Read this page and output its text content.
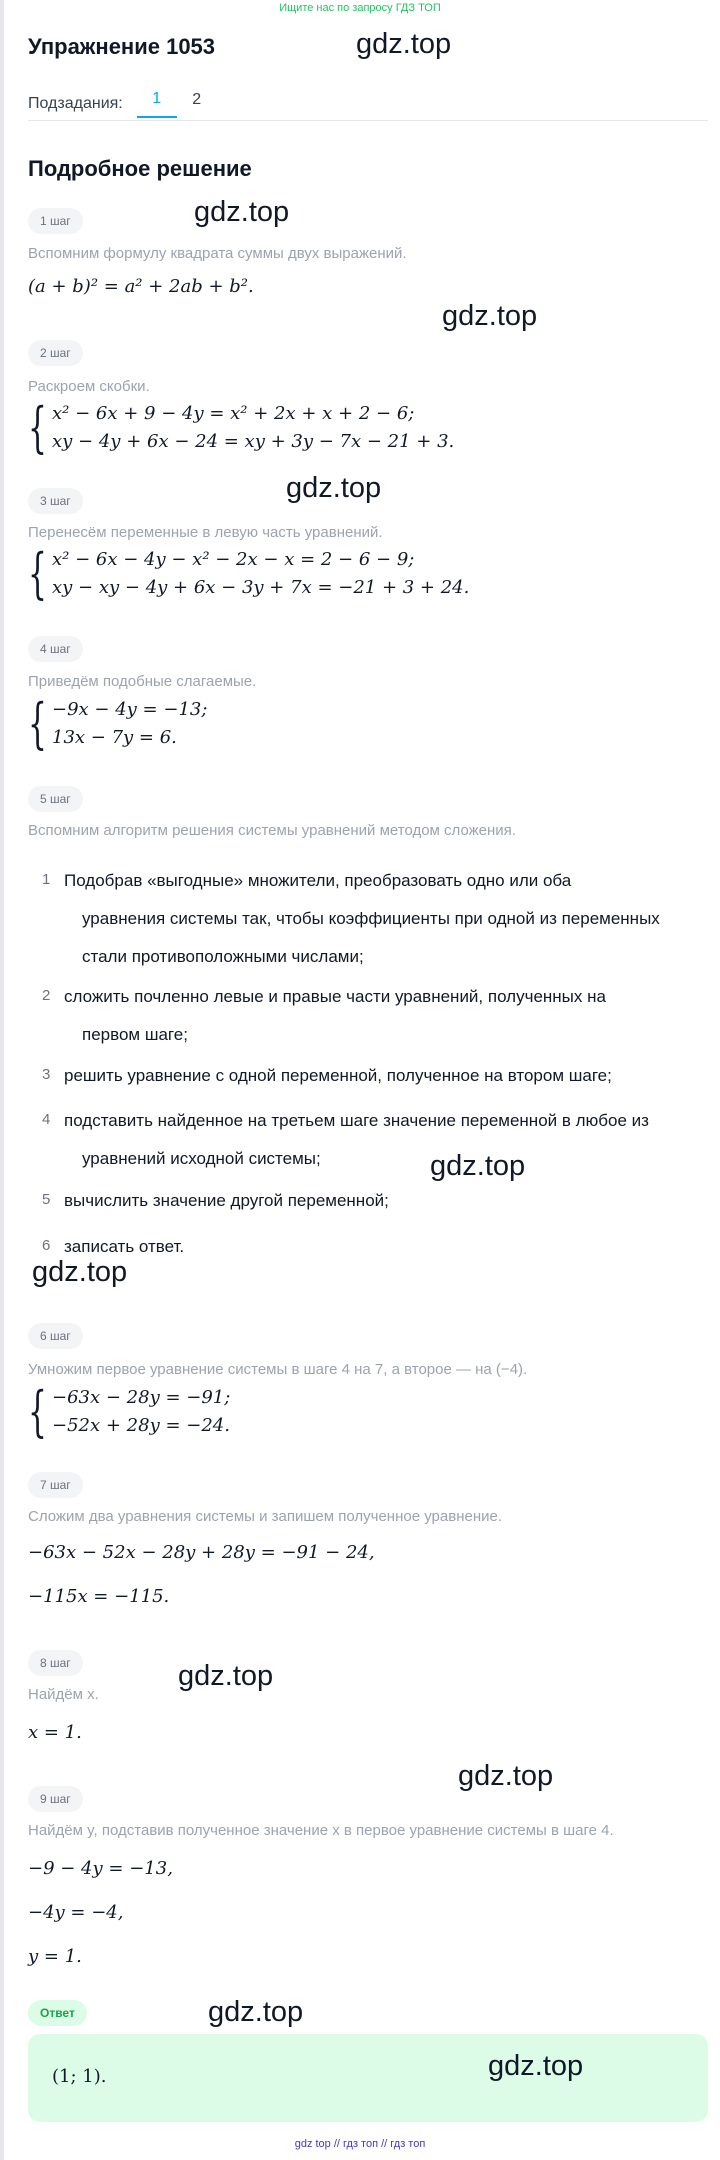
Ищите нас по запросу ГДЗ ТОП
Упражнение 1053	gdz.top
Подзадания:	1	2
Подробное решение
1 шаг	gdz.top
Вспомним формулу квадрата суммы двух выражений.
(a + b)² = a² + 2ab + b².
gdz.top
2 шаг
Раскроем скобки.
{ x² − 6x + 9 − 4y = x² + 2x + x + 2 − 6;
xy − 4y + 6x − 24 = xy + 3y − 7x − 21 + 3.
3 шаг	gdz.top
Перенесём переменные в левую часть уравнений.
{ x² − 6x − 4y − x² − 2x − x = 2 − 6 − 9;
xy − xy − 4y + 6x − 3y + 7x = −21 + 3 + 24.
4 шаг
Приведём подобные слагаемые.
{ −9x − 4y = −13;
13x − 7y = 6.
5 шаг
Вспомним алгоритм решения системы уравнений методом сложения.
1 Подобрав «выгодные» множители, преобразовать одно или оба
уравнения системы так, чтобы коэффициенты при одной из переменных
стали противоположными числами;
2 сложить почленно левые и правые части уравнений, полученных на
первом шаге;
3 решить уравнение с одной переменной, полученное на втором шаге;
4 подставить найденное на третьем шаге значение переменной в любое из
уравнений исходной системы;	gdz.top
5 вычислить значение другой переменной;
6 записать ответ.
gdz.top
6 шаг
Умножим первое уравнение системы в шаге 4 на 7, а второе — на (−4).
{ −63x − 28y = −91;
−52x + 28y = −24.
7 шаг
Сложим два уравнения системы и запишем полученное уравнение.
−63x − 52x − 28y + 28y = −91 − 24,
−115x = −115.
8 шаг	gdz.top
Найдём x.
x = 1.
gdz.top
9 шаг
Найдём y, подставив полученное значение x в первое уравнение системы в шаге 4.
−9 − 4y = −13,
−4y = −4,
y = 1.
Ответ	gdz.top
(1; 1).	gdz.top
gdz top // гдз топ // гдз топ
